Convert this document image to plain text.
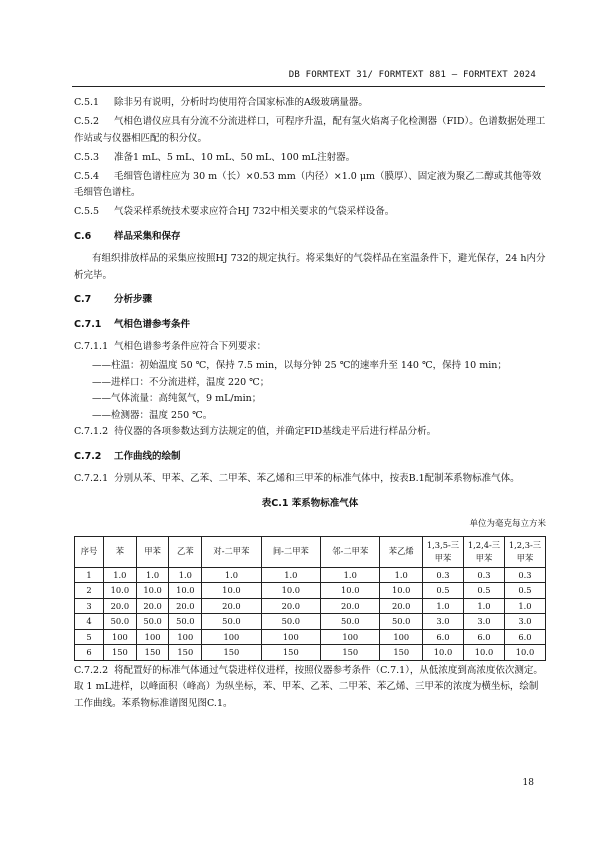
DB FORMTEXT 31/ FORMTEXT 881 — FORMTEXT 2024

C.5.1 除非另有说明，分析时均使用符合国家标准的A级玻璃量器。

C.5.2 气相色谱仪应具有分流不分流进样口，可程序升温，配有氢火焰离子化检测器（FID）。色谱数据处理工作站或与仪器相匹配的积分仪。

C.5.3 准备1 mL、5 mL、10 mL、50 mL、100 mL注射器。

C.5.4 毛细管色谱柱应为 30 m（长）×0.53 mm（内径）×1.0 μm（膜厚）、固定液为聚乙二醇或其他等效毛细管色谱柱。

C.5.5 气袋采样系统技术要求应符合HJ 732中相关要求的气袋采样设备。

C.6 样品采集和保存

有组织排放样品的采集应按照HJ 732的规定执行。将采集好的气袋样品在室温条件下，避光保存，24 h内分析完毕。

C.7 分析步骤
C.7.1 气相色谱参考条件

C.7.1.1 气相色谱参考条件应符合下列要求：

——柱温：初始温度 50 ℃，保持 7.5 min，以每分钟 25 ℃的速率升至 140 ℃，保持 10 min；
——进样口：不分流进样，温度 220 ℃；
——气体流量：高纯氮气，9 mL/min；
——检测器：温度 250 ℃。

C.7.1.2 待仪器的各项参数达到方法规定的值，并确定FID基线走平后进行样品分析。

C.7.2 工作曲线的绘制

C.7.2.1 分别从苯、甲苯、乙苯、二甲苯、苯乙烯和三甲苯的标准气体中，按表B.1配制苯系物标准气体。

表C.1 苯系物标准气体
单位为毫克每立方米
序号	苯	甲苯	乙苯	对-二甲苯	间-二甲苯	邻-二甲苯	苯乙烯	1,3,5-三甲苯	1,2,4-三甲苯	1,2,3-三甲苯
1	1.0	1.0	1.0	1.0	1.0	1.0	1.0	0.3	0.3	0.3
2	10.0	10.0	10.0	10.0	10.0	10.0	10.0	0.5	0.5	0.5
3	20.0	20.0	20.0	20.0	20.0	20.0	20.0	1.0	1.0	1.0
4	50.0	50.0	50.0	50.0	50.0	50.0	50.0	3.0	3.0	3.0
5	100	100	100	100	100	100	100	6.0	6.0	6.0
6	150	150	150	150	150	150	150	10.0	10.0	10.0

C.7.2.2 将配置好的标准气体通过气袋进样仪进样，按照仪器参考条件（C.7.1），从低浓度到高浓度依次测定。取 1 mL进样，以峰面积（峰高）为纵坐标，苯、甲苯、乙苯、二甲苯、苯乙烯、三甲苯的浓度为横坐标，绘制工作曲线。苯系物标准谱图见图C.1。

18
